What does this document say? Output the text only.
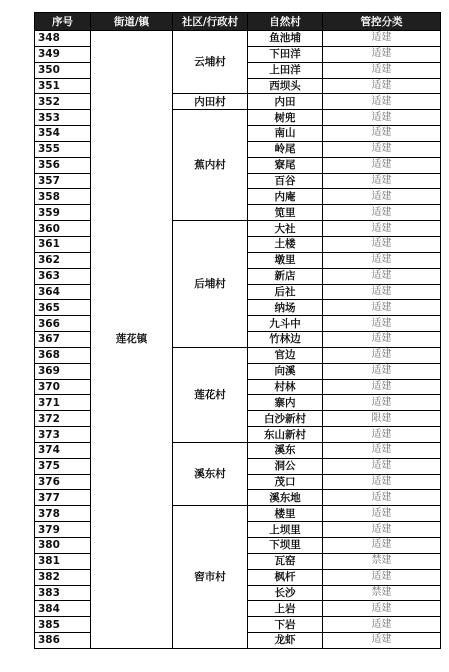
序号	街道/镇	社区/行政村	自然村	管控分类
348	莲花镇	云埔村	鱼池埔	适建
349			下田洋	适建
350			上田洋	适建
351			西坝头	适建
352		内田村	内田	适建
353		蕉内村	树兜	适建
354			南山	适建
355			岭尾	适建
356			寮尾	适建
357			百谷	适建
358			内庵	适建
359			笕里	适建
360		后埔村	大社	适建
361			土楼	适建
362			墩里	适建
363			新店	适建
364			后社	适建
365			纳场	适建
366			九斗中	适建
367			竹林边	适建
368		莲花村	官边	适建
369			向溪	适建
370			村林	适建
371			寨内	适建
372			白沙新村	限建
373			东山新村	适建
374		溪东村	溪东	适建
375			洞公	适建
376			茂口	适建
377			溪东地	适建
378		窖市村	楼里	适建
379			上坝里	适建
380			下坝里	适建
381			瓦窑	禁建
382			枫杆	适建
383			长沙	禁建
384			上岩	适建
385			下岩	适建
386			龙虾	适建
